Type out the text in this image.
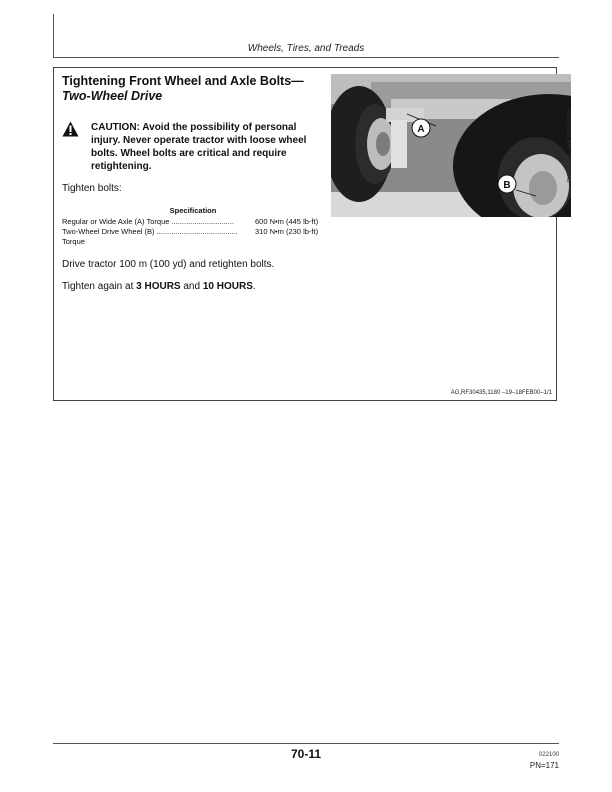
Wheels, Tires, and Treads
Tightening Front Wheel and Axle Bolts—
Two-Wheel Drive
CAUTION: Avoid the possibility of personal injury. Never operate tractor with loose wheel bolts. Wheel bolts are critical and require retightening.
Tighten bolts:
Specification
Regular or Wide Axle (A) Torque ..............................	600 N•m (445 lb-ft)
Two-Wheel Drive Wheel (B) ....................................... 310 N•m (230 lb-ft)
Torque
Drive tractor 100 m (100 yd) and retighten bolts.
Tighten again at 3 HOURS and 10 HOURS.
A
B
RW21364A —UN—02AUG99
AG,RF30435,1180 –19–18FEB00–1/1
70-11	022100
PN=171
